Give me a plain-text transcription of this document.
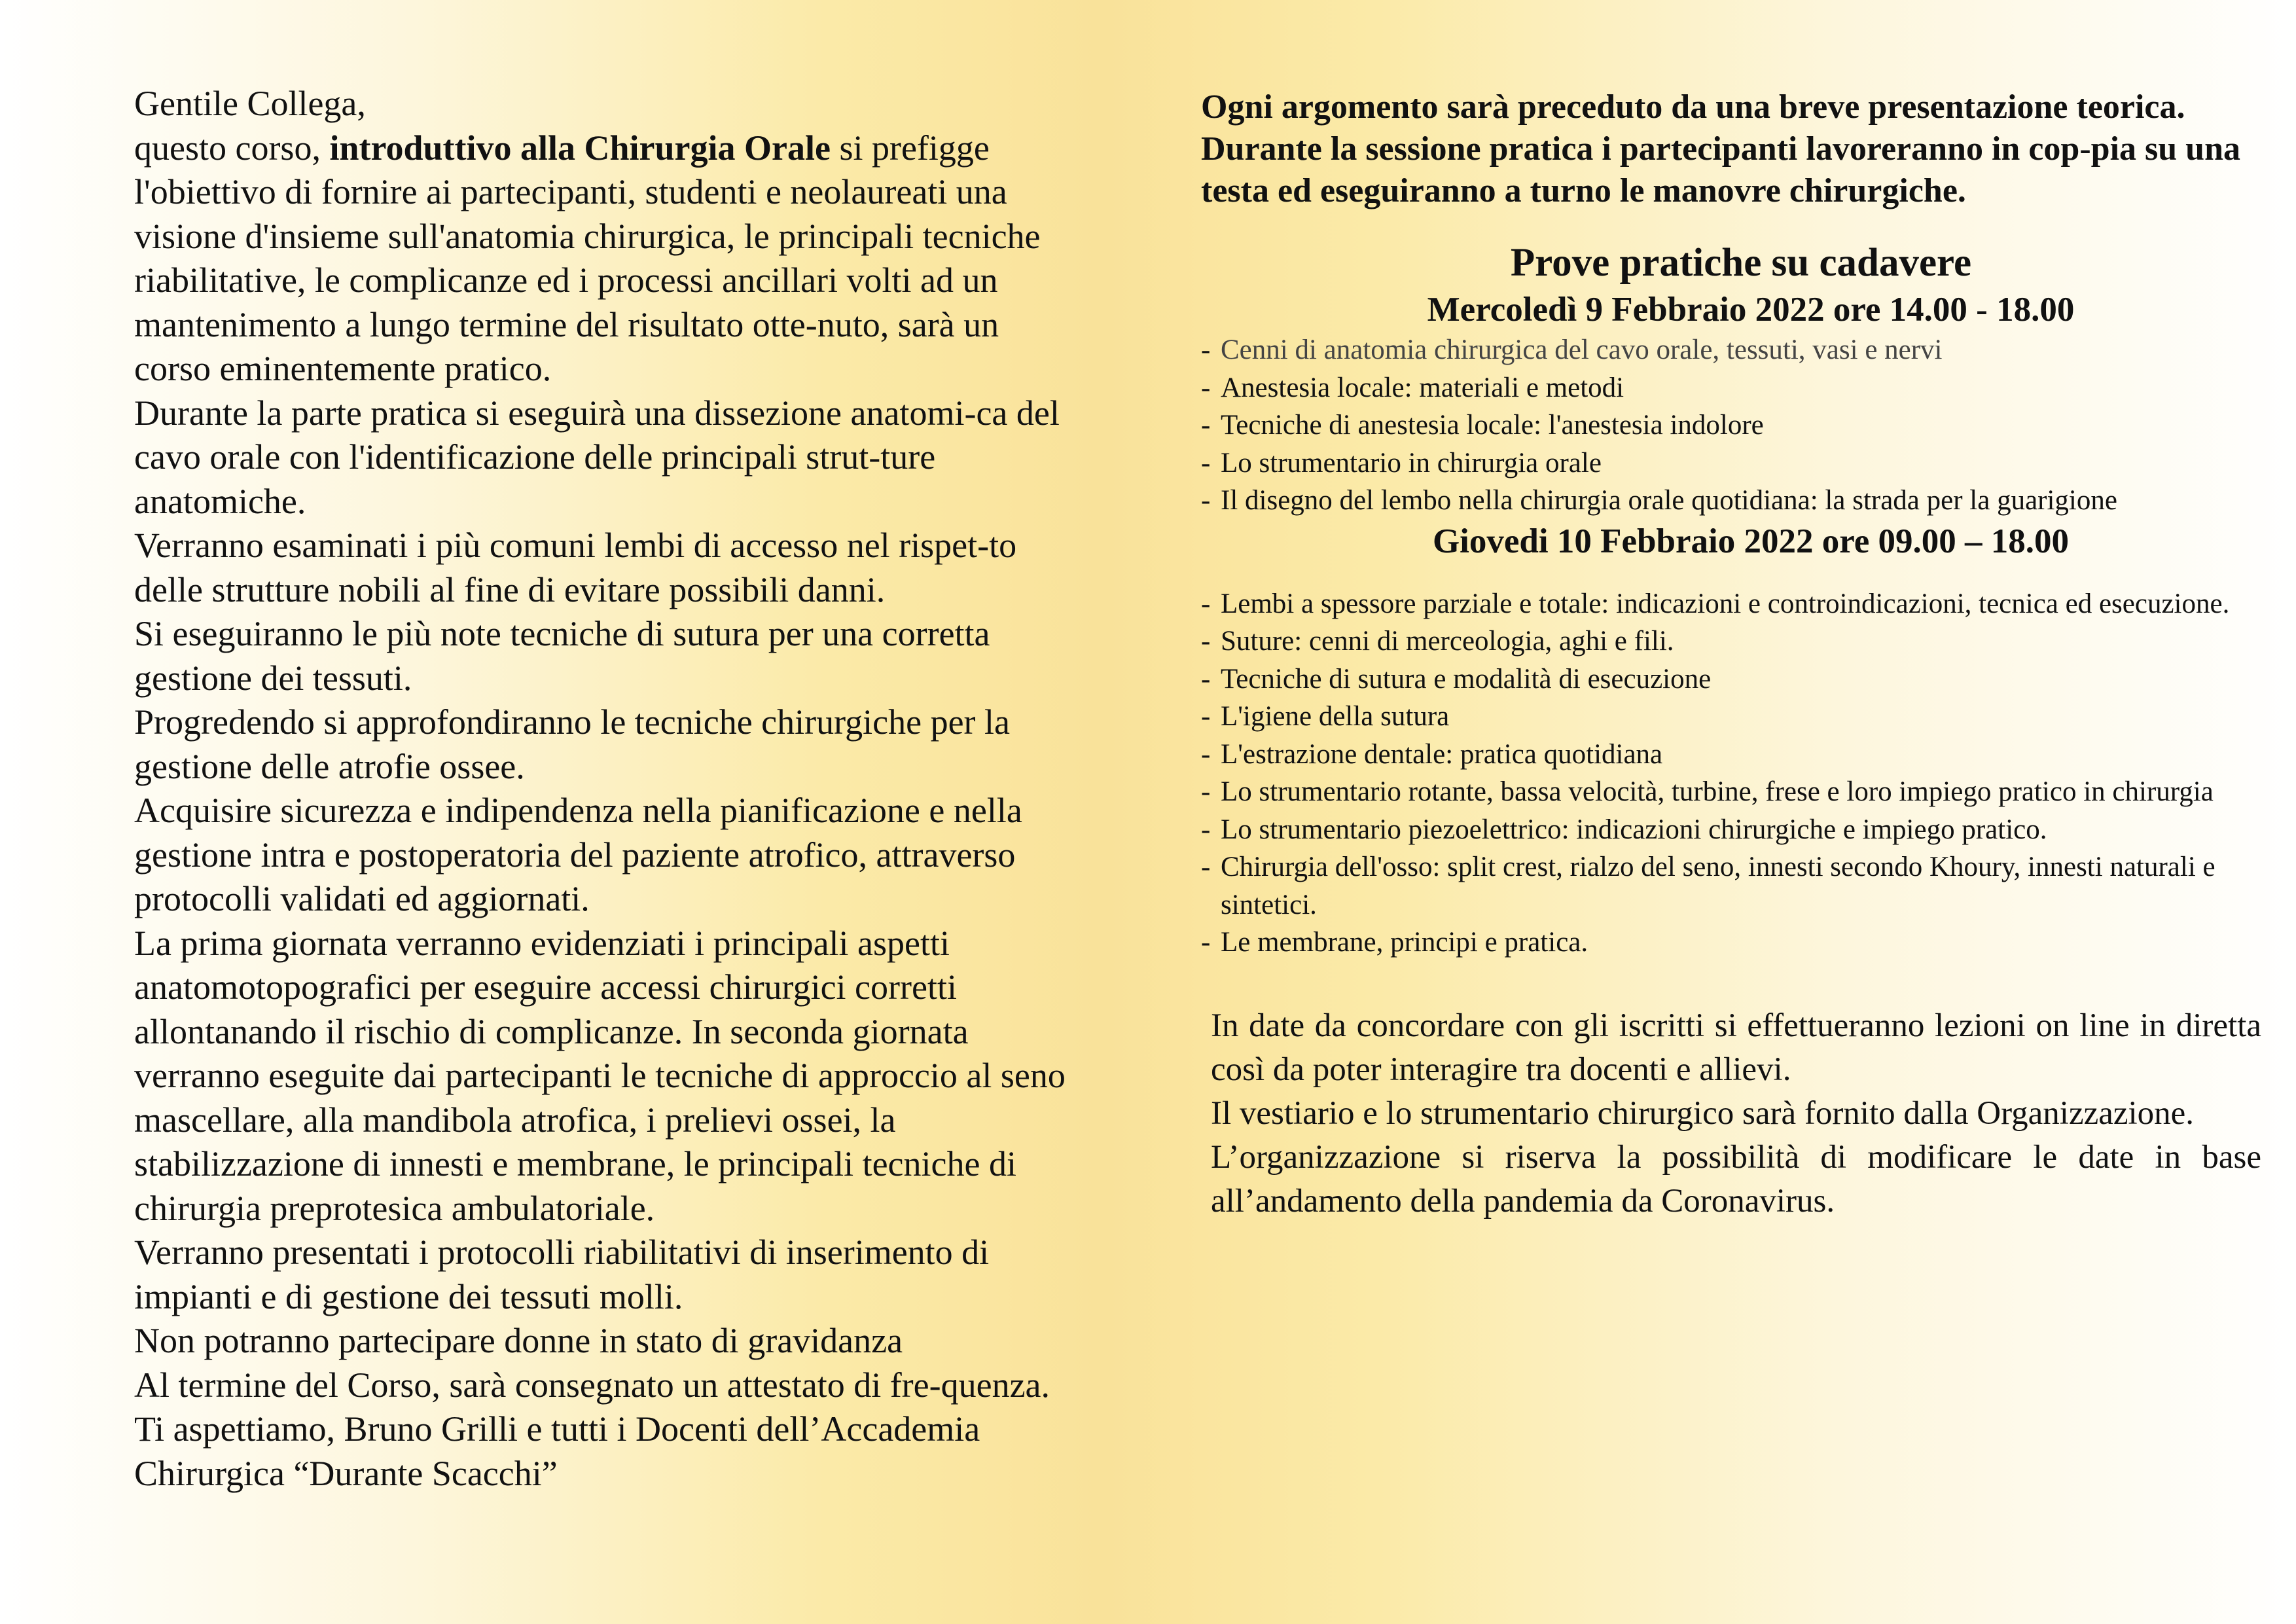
Gentile Collega,

questo corso, introduttivo alla Chirurgia Orale si prefigge l'obiettivo di fornire ai partecipanti, studenti e neolaureati una visione d'insieme sull'anatomia chirurgica, le principali tecniche riabilitative, le complicanze ed i processi ancillari volti ad un mantenimento a lungo termine del risultato otte-nuto, sarà un corso eminentemente pratico.

Durante la parte pratica si eseguirà una dissezione anatomi-ca del cavo orale con l'identificazione delle principali strut-ture anatomiche.

Verranno esaminati i più comuni lembi di accesso nel rispet-to delle strutture nobili al fine di evitare possibili danni.

Si eseguiranno le più note tecniche di sutura per una corretta gestione dei tessuti.

Progredendo si approfondiranno le tecniche chirurgiche per la gestione delle atrofie ossee.

Acquisire sicurezza e indipendenza nella pianificazione e nella gestione intra e postoperatoria del paziente atrofico, attraverso protocolli validati ed aggiornati.

La prima giornata verranno evidenziati i principali aspetti anatomotopografici per eseguire accessi chirurgici corretti allontanando il rischio di complicanze. In seconda giornata verranno eseguite dai partecipanti le tecniche di approccio al seno mascellare, alla mandibola atrofica, i prelievi ossei, la stabilizzazione di innesti e membrane, le principali tecniche di chirurgia preprotesica ambulatoriale.

Verranno presentati i protocolli riabilitativi di inserimento di impianti e di gestione dei tessuti molli.

Non potranno partecipare donne in stato di gravidanza

Al termine del Corso, sarà consegnato un attestato di fre-quenza.

Ti aspettiamo, Bruno Grilli e tutti i Docenti dell’Accademia Chirurgica “Durante Scacchi”

Ogni argomento sarà preceduto da una breve presentazione teorica.

Durante la sessione pratica i partecipanti lavoreranno in cop-pia su una testa ed eseguiranno a turno le manovre chirurgiche.

Prove pratiche su cadavere
Mercoledì 9 Febbraio 2022 ore 14.00 - 18.00
- Cenni di anatomia chirurgica del cavo orale, tessuti, vasi e nervi
- Anestesia locale: materiali e metodi
- Tecniche di anestesia locale: l'anestesia indolore
- Lo strumentario in chirurgia orale
- Il disegno del lembo nella chirurgia orale quotidiana: la strada per la guarigione
Giovedi 10 Febbraio 2022 ore 09.00 – 18.00
- Lembi a spessore parziale e totale: indicazioni e controindicazioni, tecnica ed esecuzione.
- Suture: cenni di merceologia, aghi e fili.
- Tecniche di sutura e modalità di esecuzione
- L'igiene della sutura
- L'estrazione dentale: pratica quotidiana
- Lo strumentario rotante, bassa velocità, turbine, frese e loro impiego pratico in chirurgia
- Lo strumentario piezoelettrico: indicazioni chirurgiche e impiego pratico.
- Chirurgia dell'osso: split crest, rialzo del seno, innesti secondo Khoury, innesti naturali e sintetici.
- Le membrane, principi e pratica.

In date da concordare con gli iscritti si effettueranno lezioni on line in diretta così da poter interagire tra docenti e allievi.

Il vestiario e lo strumentario chirurgico sarà fornito dalla Organizzazione.

L’organizzazione si riserva la possibilità di modificare le date in base all’andamento della pandemia da Coronavirus.
